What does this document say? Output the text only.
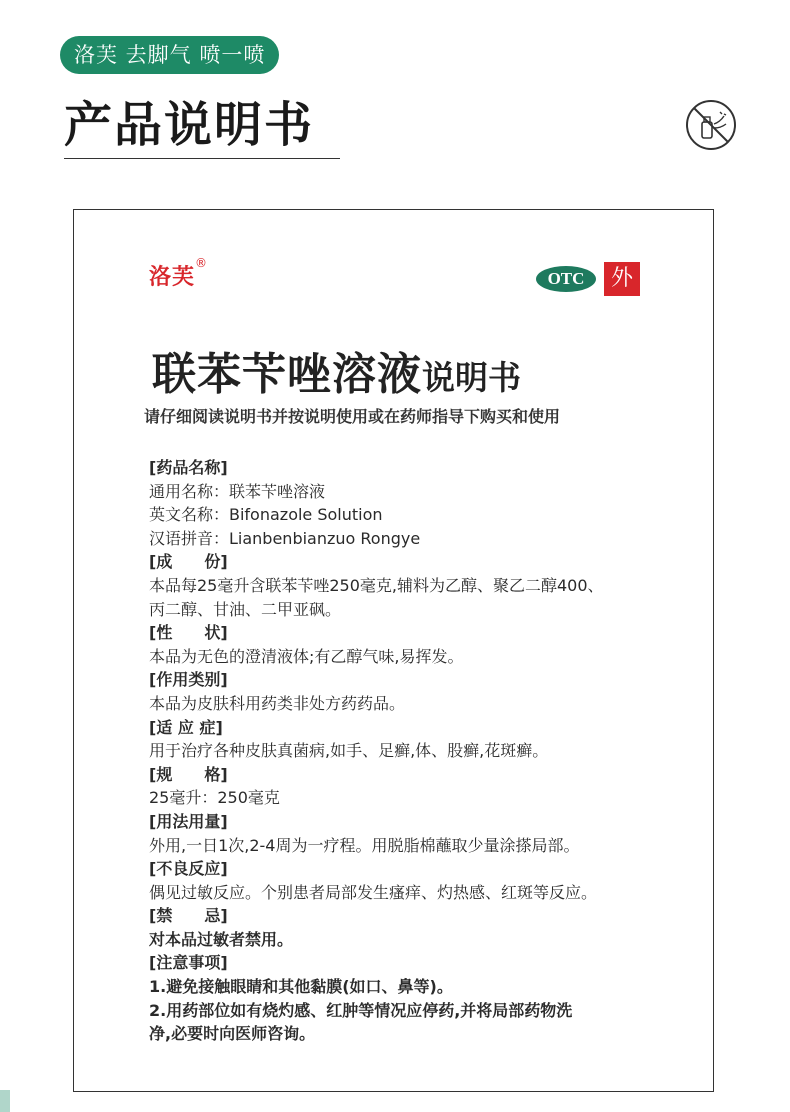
洛芙 去脚气 喷一喷
产品说明书
洛芙®
OTC	外
联苯苄唑溶液说明书

请仔细阅读说明书并按说明使用或在药师指导下购买和使用

[药品名称]

通用名称：联苯苄唑溶液

英文名称：Bifonazole Solution

汉语拼音：Lianbenbianzuo Rongye

[成　　份]

本品每25毫升含联苯苄唑250毫克,辅料为乙醇、聚乙二醇400、

丙二醇、甘油、二甲亚砜。

[性　　状]

本品为无色的澄清液体;有乙醇气味,易挥发。

[作用类别]

本品为皮肤科用药类非处方药药品。

[适 应 症]

用于治疗各种皮肤真菌病,如手、足癣,体、股癣,花斑癣。

[规　　格]

25毫升：250毫克

[用法用量]

外用,一日1次,2-4周为一疗程。用脱脂棉蘸取少量涂搽局部。

[不良反应]

偶见过敏反应。个别患者局部发生瘙痒、灼热感、红斑等反应。

[禁　　忌]

对本品过敏者禁用。

[注意事项]

1.避免接触眼睛和其他黏膜(如口、鼻等)。

2.用药部位如有烧灼感、红肿等情况应停药,并将局部药物洗

净,必要时向医师咨询。
